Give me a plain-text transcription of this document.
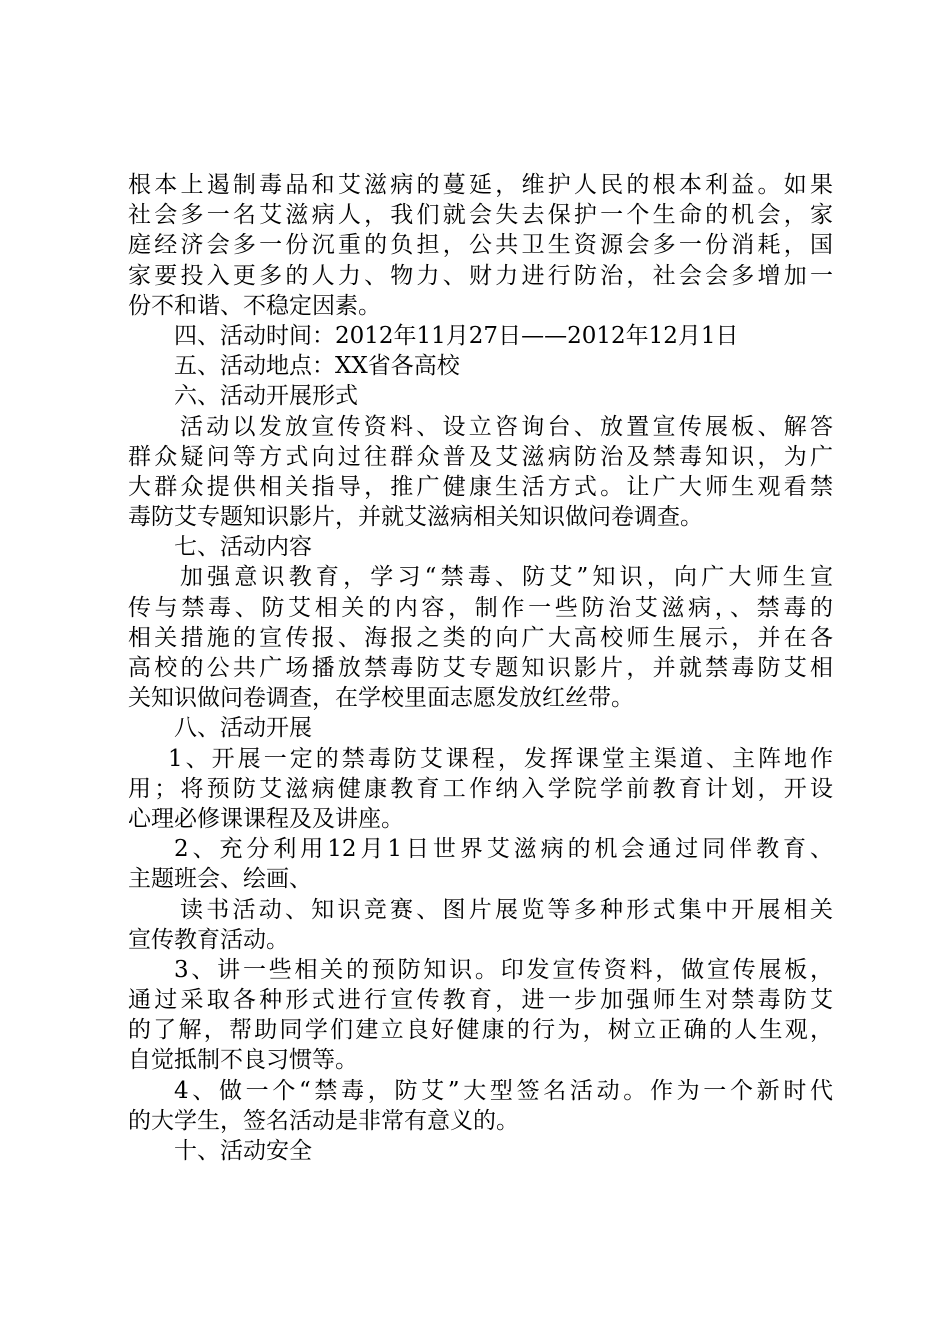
根本上遏制毒品和艾滋病的蔓延，维护人民的根本利益。如果
社会多一名艾滋病人，我们就会失去保护一个生命的机会，家
庭经济会多一份沉重的负担，公共卫生资源会多一份消耗，国
家要投入更多的人力、物力、财力进行防治，社会会多增加一
份不和谐、不稳定因素。
四、活动时间：2012年11月27日——2012年12月1日
五、活动地点：XX省各高校
六、活动开展形式
活动以发放宣传资料、设立咨询台、放置宣传展板、解答
群众疑问等方式向过往群众普及艾滋病防治及禁毒知识，为广
大群众提供相关指导，推广健康生活方式。让广大师生观看禁
毒防艾专题知识影片，并就艾滋病相关知识做问卷调查。
七、活动内容
加强意识教育，学习“禁毒、防艾”知识，向广大师生宣
传与禁毒、防艾相关的内容，制作一些防治艾滋病，、禁毒的
相关措施的宣传报、海报之类的向广大高校师生展示，并在各
高校的公共广场播放禁毒防艾专题知识影片，并就禁毒防艾相
关知识做问卷调查，在学校里面志愿发放红丝带。
八、活动开展
1、开展一定的禁毒防艾课程，发挥课堂主渠道、主阵地作
用；将预防艾滋病健康教育工作纳入学院学前教育计划，开设
心理必修课课程及及讲座。
2、充分利用12月1日世界艾滋病的机会通过同伴教育、
主题班会、绘画、
读书活动、知识竞赛、图片展览等多种形式集中开展相关
宣传教育活动。
3、讲一些相关的预防知识。印发宣传资料，做宣传展板，
通过采取各种形式进行宣传教育，进一步加强师生对禁毒防艾
的了解，帮助同学们建立良好健康的行为，树立正确的人生观，
自觉抵制不良习惯等。
4、做一个“禁毒，防艾”大型签名活动。作为一个新时代
的大学生，签名活动是非常有意义的。
十、活动安全
